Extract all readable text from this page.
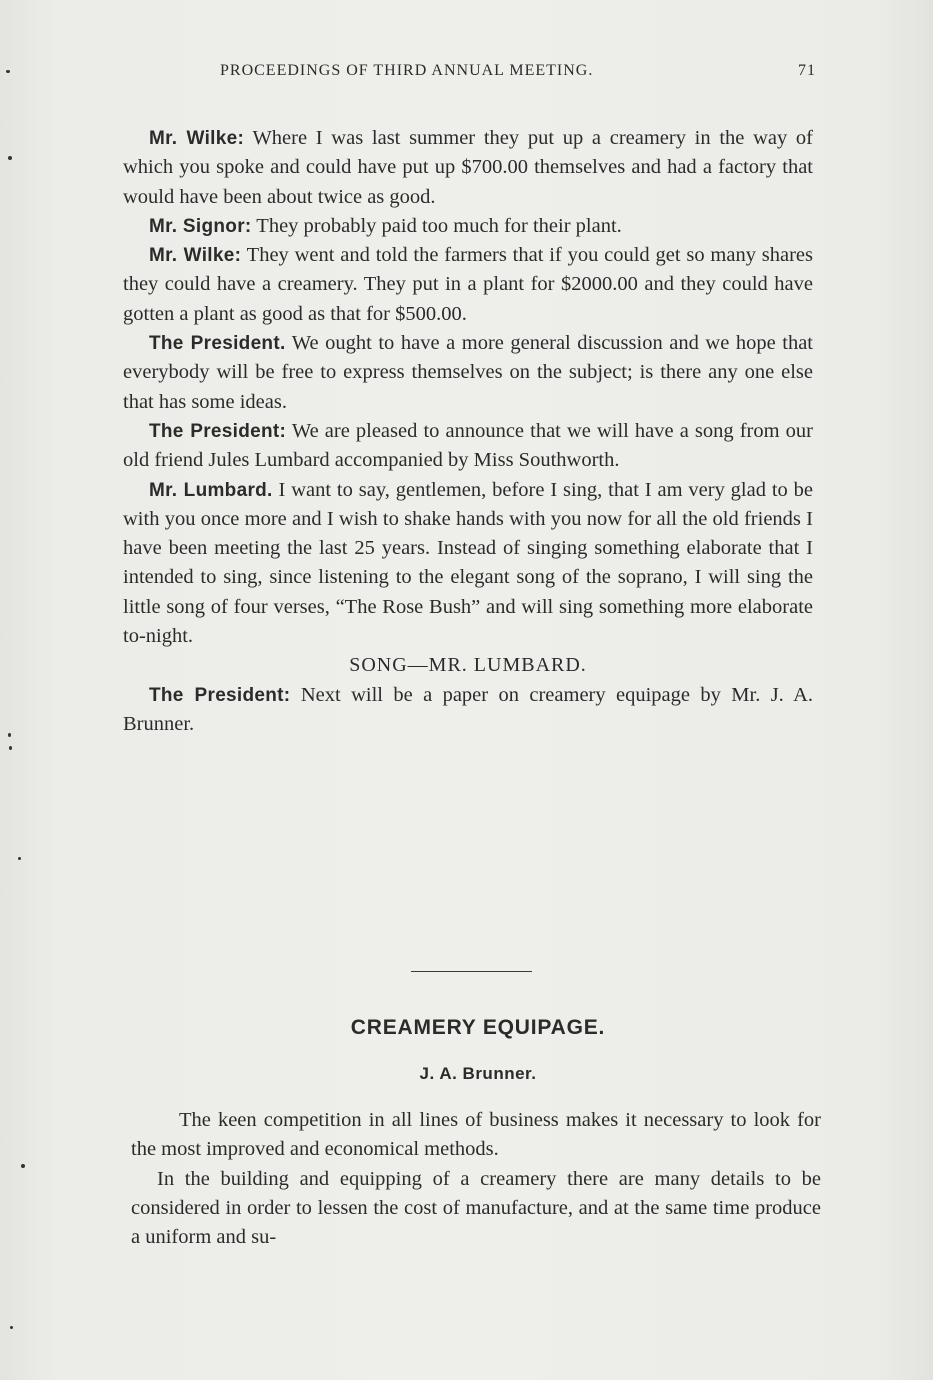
PROCEEDINGS OF THIRD ANNUAL MEETING.	71

Mr. Wilke: Where I was last summer they put up a creamery in the way of which you spoke and could have put up $700.00 themselves and had a factory that would have been about twice as good.

Mr. Signor: They probably paid too much for their plant.

Mr. Wilke: They went and told the farmers that if you could get so many shares they could have a creamery. They put in a plant for $2000.00 and they could have gotten a plant as good as that for $500.00.

The President. We ought to have a more general discussion and we hope that everybody will be free to express themselves on the subject; is there any one else that has some ideas.

The President: We are pleased to announce that we will have a song from our old friend Jules Lumbard accompanied by Miss Southworth.

Mr. Lumbard. I want to say, gentlemen, before I sing, that I am very glad to be with you once more and I wish to shake hands with you now for all the old friends I have been meeting the last 25 years. Instead of singing something elaborate that I intended to sing, since listening to the elegant song of the soprano, I will sing the little song of four verses, “The Rose Bush” and will sing something more elaborate to-night.

SONG—MR. LUMBARD.

The President: Next will be a paper on creamery equipage by Mr. J. A. Brunner.

CREAMERY EQUIPAGE.
J. A. Brunner.

The keen competition in all lines of business makes it necessary to look for the most improved and economical methods.

In the building and equipping of a creamery there are many details to be considered in order to lessen the cost of manufacture, and at the same time produce a uniform and su-
